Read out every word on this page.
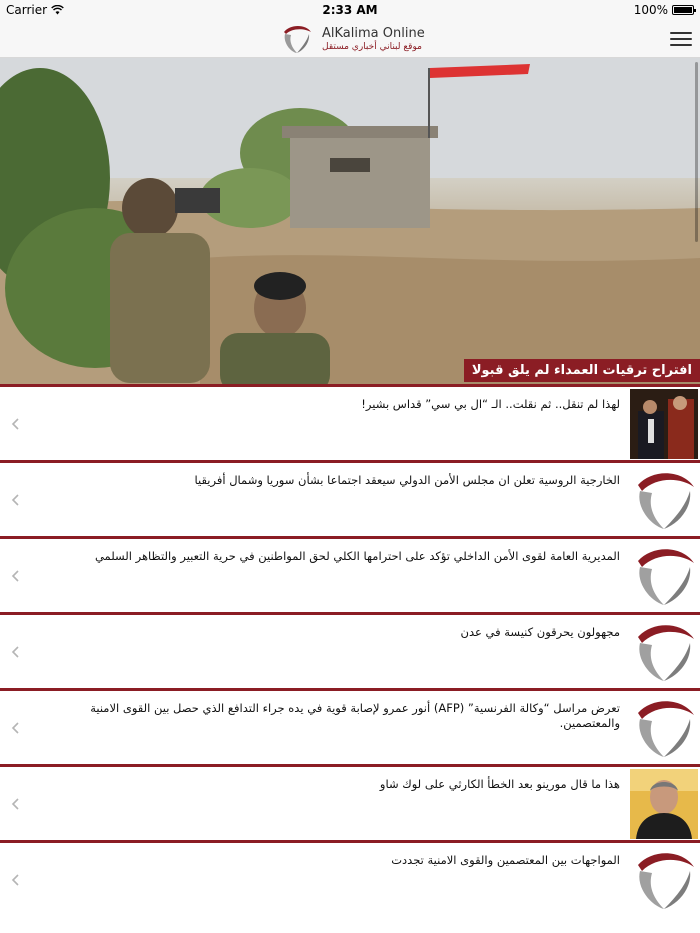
Carrier	2:33 AM	100%
AlKalima Online
موقع لبناني أخباري مستقل
افتراح ترقيات العمداء لم يلق قبولا
لهذا لم تنقل.. ثم نقلت.. الـ “ال بي سي” قداس بشير!
الخارجية الروسية تعلن ان مجلس الأمن الدولي سيعقد اجتماعا بشأن سوريا وشمال أفريقيا
المديرية العامة لقوى الأمن الداخلي تؤكد على احترامها الكلي لحق المواطنين في حرية التعبير والتظاهر السلمي
مجهولون يحرقون كنيسة في عدن
تعرض مراسل “وكالة الفرنسية” (AFP) أنور عمرو لإصابة قوية في يده جراء التدافع الذي حصل بين القوى الامنية والمعتصمين.
هذا ما قال مورينو بعد الخطأ الكارثي على لوك شاو
المواجهات بين المعتصمين والقوى الامنية تجددت
